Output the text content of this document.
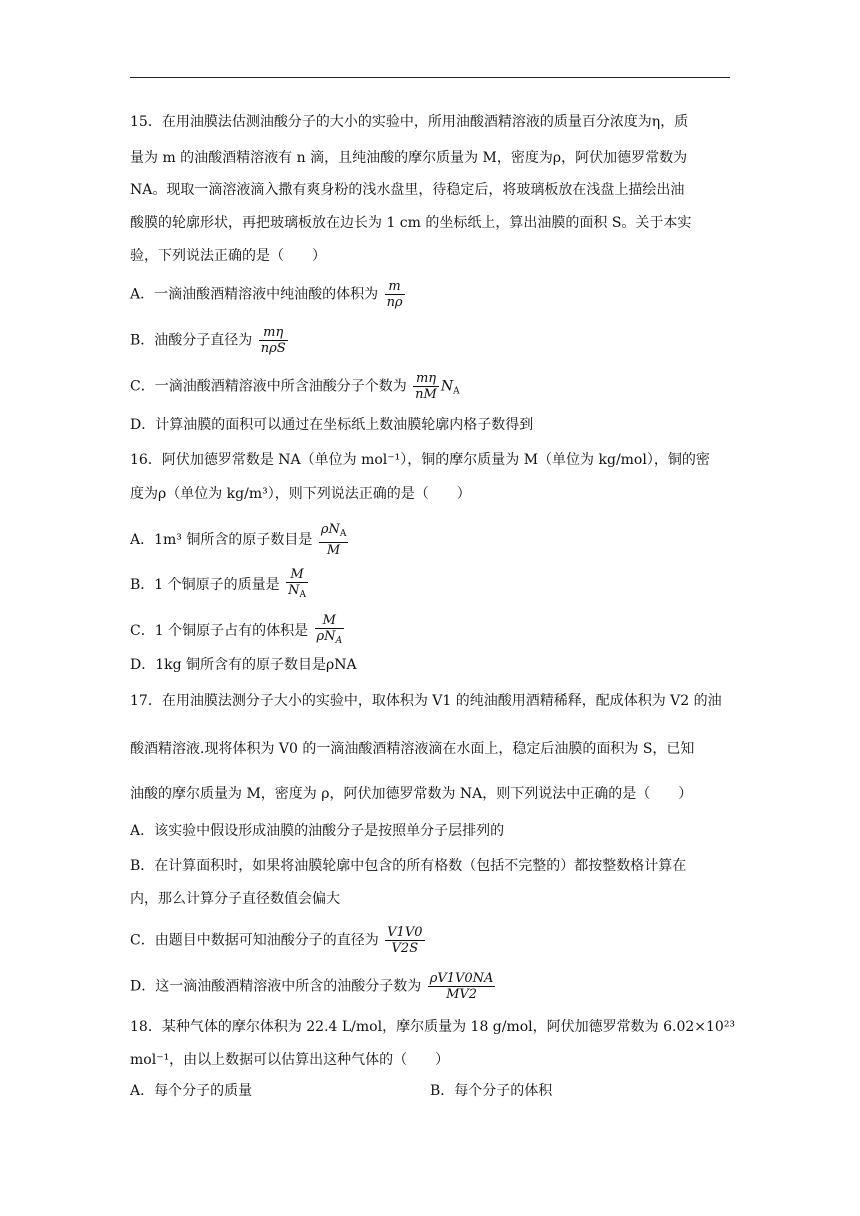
15．在用油膜法估测油酸分子的大小的实验中，所用油酸酒精溶液的质量百分浓度为η，质
量为 m 的油酸酒精溶液有 n 滴，且纯油酸的摩尔质量为 M，密度为ρ，阿伏加德罗常数为
NA。现取一滴溶液滴入撒有爽身粉的浅水盘里，待稳定后，将玻璃板放在浅盘上描绘出油
酸膜的轮廓形状，再把玻璃板放在边长为 1 cm 的坐标纸上，算出油膜的面积 S。关于本实
验，下列说法正确的是（　　）
A．一滴油酸酒精溶液中纯油酸的体积为 $\frac{m}{n\rho}$
B．油酸分子直径为 $\frac{m\eta}{\text{nρS}}$
C．一滴油酸酒精溶液中所含油酸分子个数为 $\frac{m\eta}{nM} N_A$
D．计算油膜的面积可以通过在坐标纸上数油膜轮廓内格子数得到
16．阿伏加德罗常数是 NA（单位为 mol⁻¹），铜的摩尔质量为 M（单位为 kg/mol），铜的密
度为ρ（单位为 kg/m³），则下列说法正确的是（　　）
A．1m³ 铜所含的原子数目是 $\frac{\rho N_A}{M}$
B．1 个铜原子的质量是 $\frac{M}{N_A}$
C．1 个铜原子占有的体积是 $\frac{M}{\rho N_A}$
D．1kg 铜所含有的原子数目是ρNA
17．在用油膜法测分子大小的实验中，取体积为 V1 的纯油酸用酒精稀释，配成体积为 V2 的油
酸酒精溶液.现将体积为 V0 的一滴油酸酒精溶液滴在水面上，稳定后油膜的面积为 S，已知
油酸的摩尔质量为 M，密度为 ρ，阿伏加德罗常数为 NA，则下列说法中正确的是（　　）
A．该实验中假设形成油膜的油酸分子是按照单分子层排列的
B．在计算面积时，如果将油膜轮廓中包含的所有格数（包括不完整的）都按整数格计算在
内，那么计算分子直径数值会偏大
C．由题目中数据可知油酸分子的直径为 $\frac{V1V0}{V2S}$
D．这一滴油酸酒精溶液中所含的油酸分子数为 $\frac{\rho V1V0NA}{MV2}$
18．某种气体的摩尔体积为 22.4 L/mol，摩尔质量为 18 g/mol，阿伏加德罗常数为 6.02×10²³
mol⁻¹，由以上数据可以估算出这种气体的（　　）
A．每个分子的质量	B．每个分子的体积
